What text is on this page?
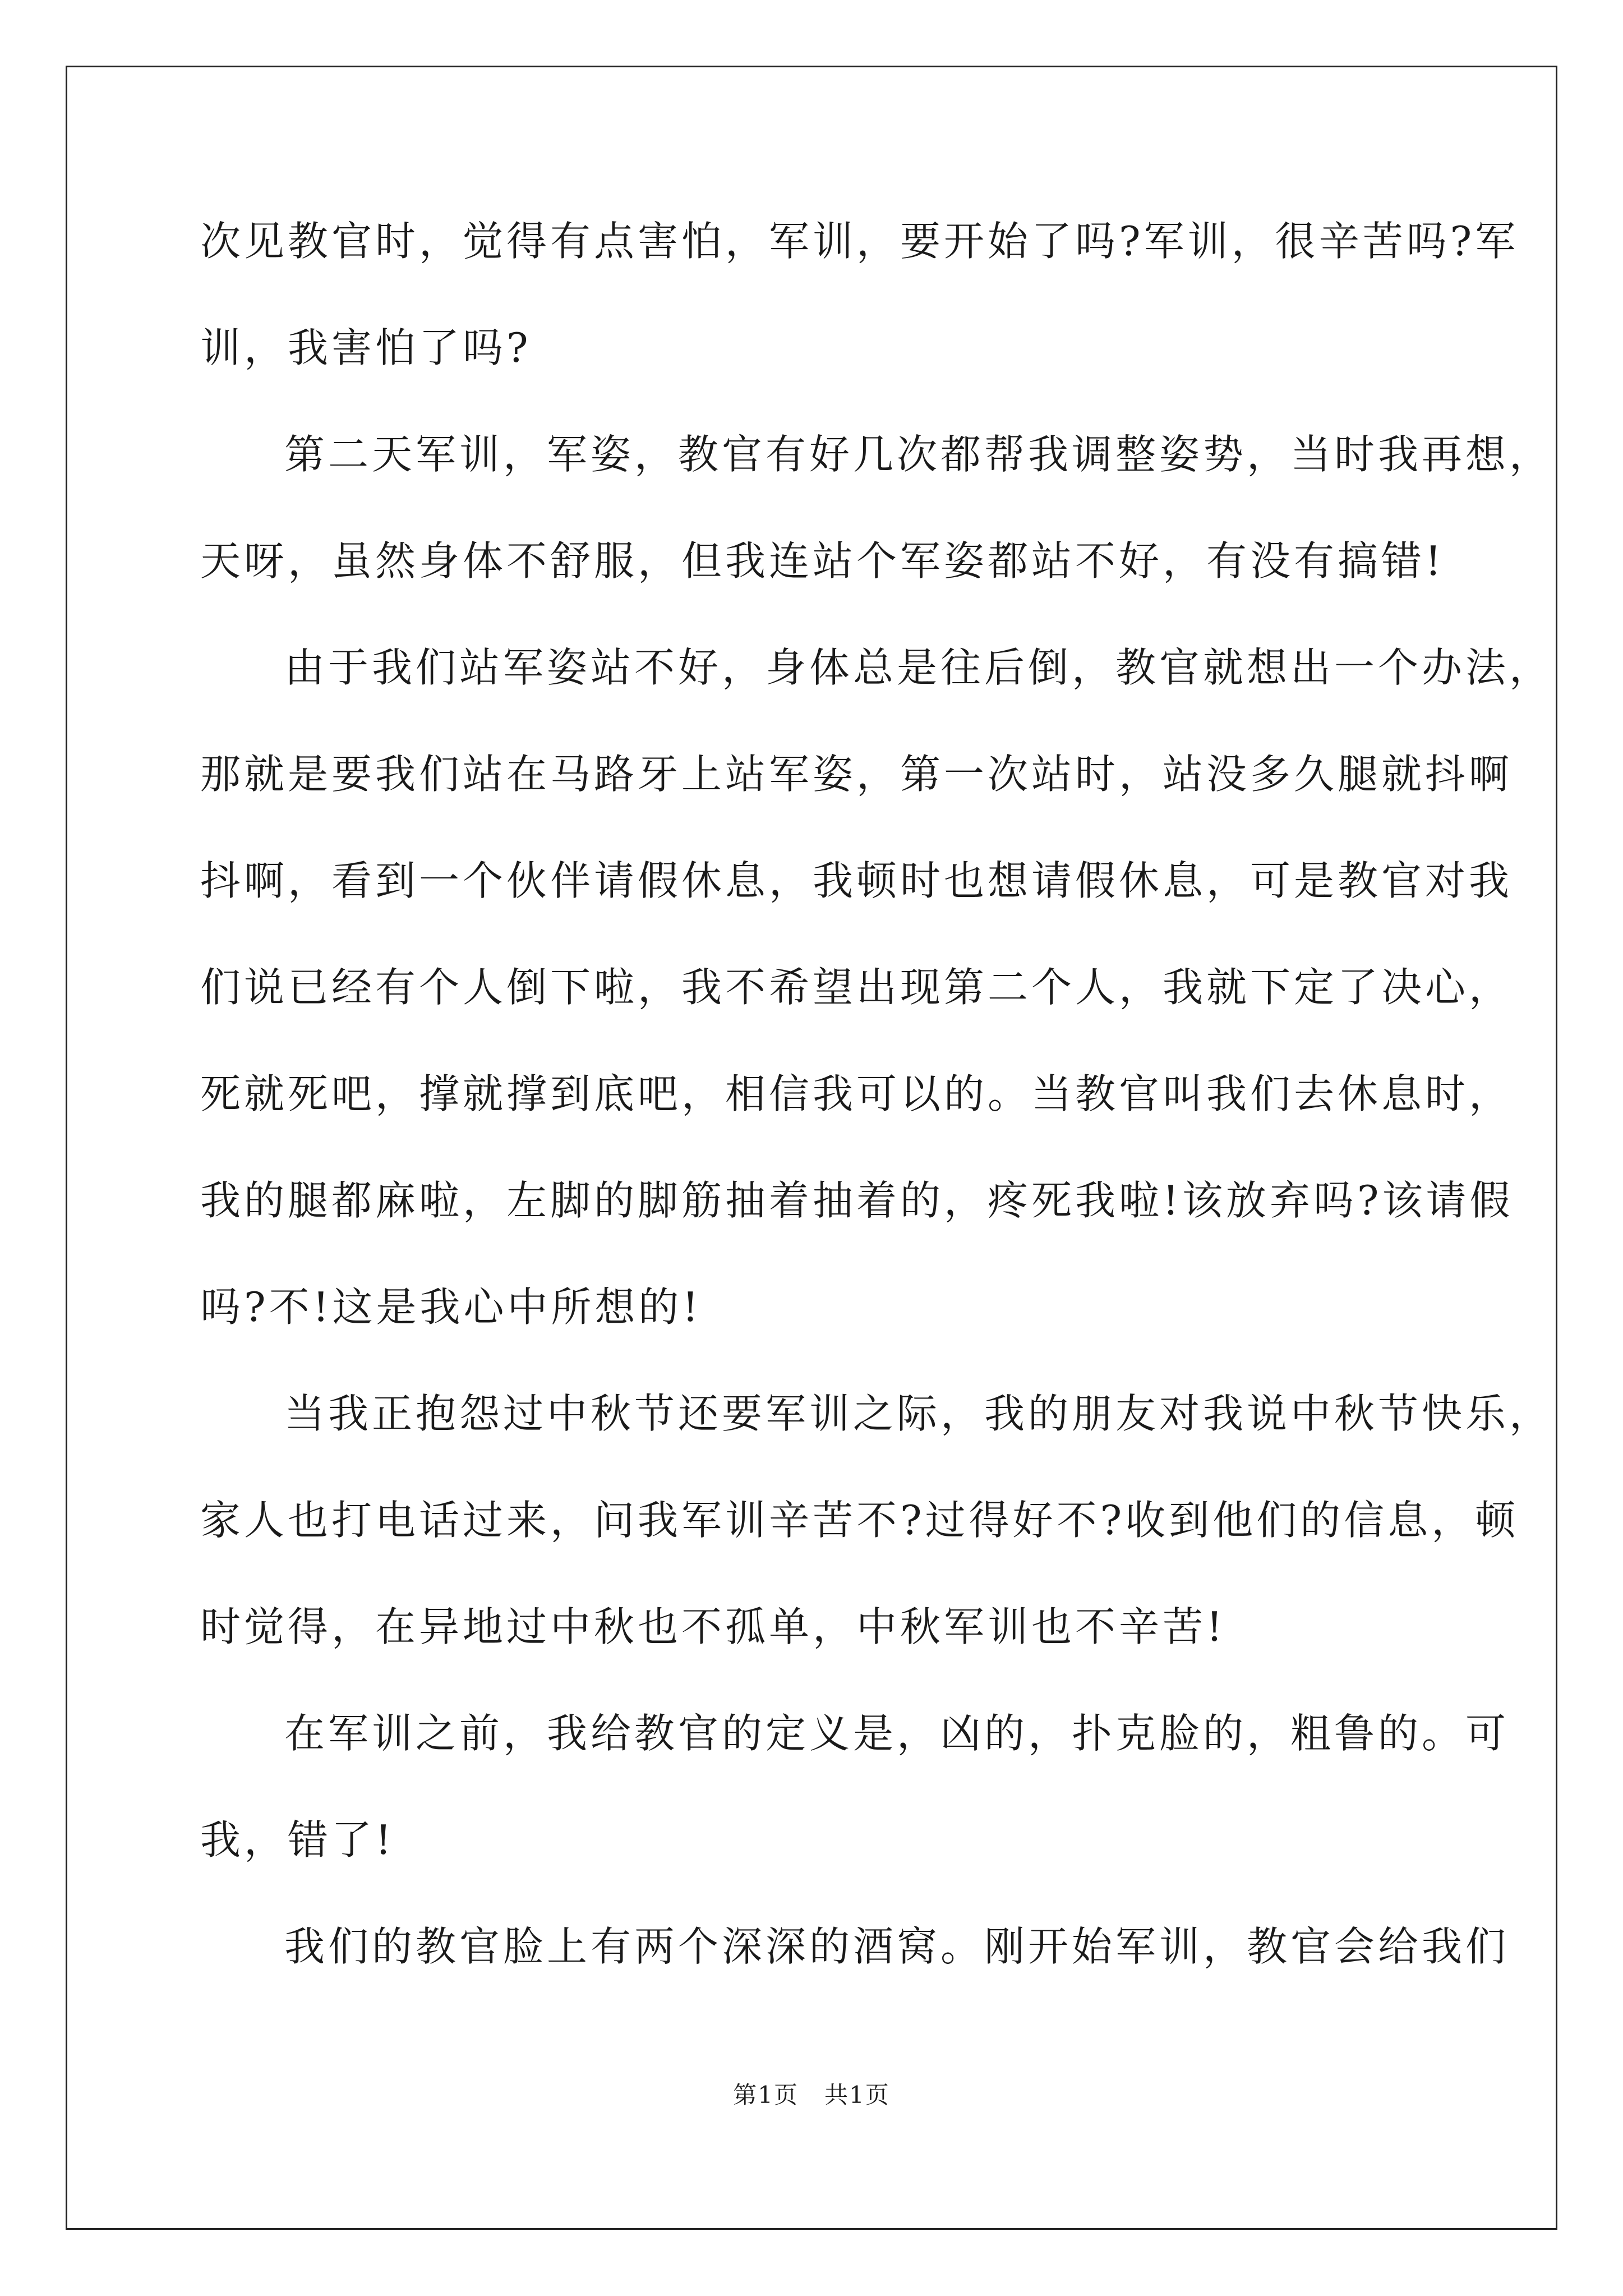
次见教官时，觉得有点害怕，军训，要开始了吗?军训，很辛苦吗?军
训，我害怕了吗?
第二天军训，军姿，教官有好几次都帮我调整姿势，当时我再想，
天呀，虽然身体不舒服，但我连站个军姿都站不好，有没有搞错!
由于我们站军姿站不好，身体总是往后倒，教官就想出一个办法，
那就是要我们站在马路牙上站军姿，第一次站时，站没多久腿就抖啊
抖啊，看到一个伙伴请假休息，我顿时也想请假休息，可是教官对我
们说已经有个人倒下啦，我不希望出现第二个人，我就下定了决心，
死就死吧，撑就撑到底吧，相信我可以的。当教官叫我们去休息时，
我的腿都麻啦，左脚的脚筋抽着抽着的，疼死我啦!该放弃吗?该请假
吗?不!这是我心中所想的!
当我正抱怨过中秋节还要军训之际，我的朋友对我说中秋节快乐，
家人也打电话过来，问我军训辛苦不?过得好不?收到他们的信息，顿
时觉得，在异地过中秋也不孤单，中秋军训也不辛苦!
在军训之前，我给教官的定义是，凶的，扑克脸的，粗鲁的。可
我，错了!
我们的教官脸上有两个深深的酒窝。刚开始军训，教官会给我们
第1页   共1页
